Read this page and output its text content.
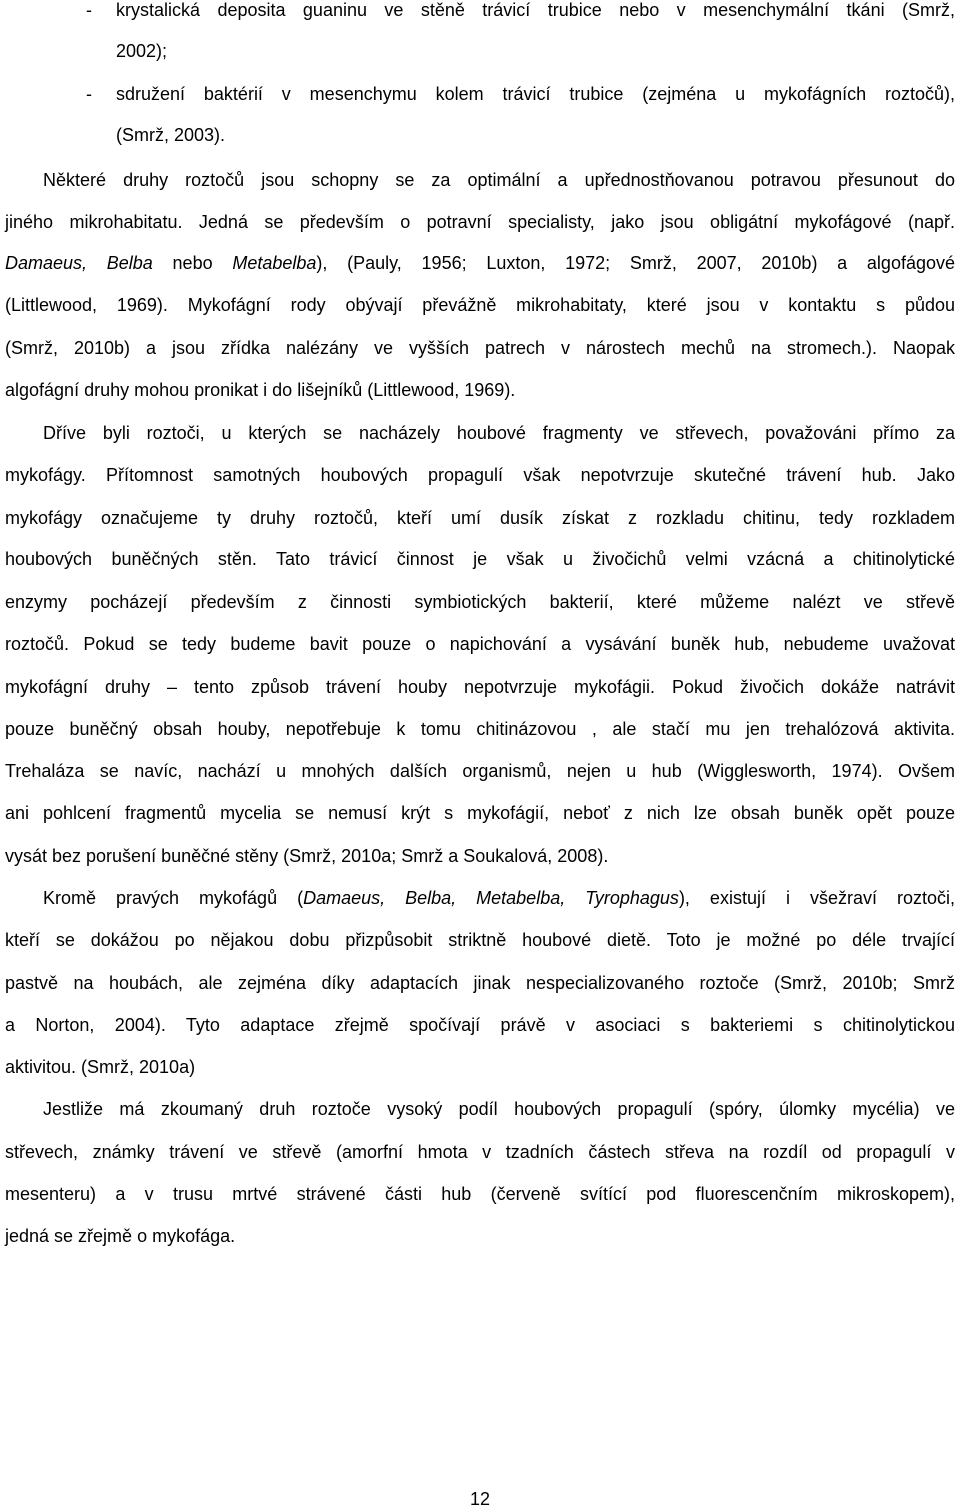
- krystalická deposita guaninu ve stěně trávicí trubice nebo v mesenchymální tkáni (Smrž,
2002);
- sdružení baktérií v mesenchymu kolem trávicí trubice (zejména u mykofágních roztočů),
(Smrž, 2003).
Některé druhy roztočů jsou schopny se za optimální a upřednostňovanou potravou přesunout do
jiného mikrohabitatu. Jedná se především o potravní specialisty, jako jsou obligátní mykofágové (např.
Damaeus, Belba nebo Metabelba), (Pauly, 1956; Luxton, 1972; Smrž, 2007, 2010b) a algofágové
(Littlewood, 1969). Mykofágní rody obývají převážně mikrohabitaty, které jsou v kontaktu s půdou
(Smrž, 2010b) a jsou zřídka nalézány ve vyšších patrech v nárostech mechů na stromech.). Naopak
algofágní druhy mohou pronikat i do lišejníků (Littlewood, 1969).
Dříve byli roztoči, u kterých se nacházely houbové fragmenty ve střevech, považováni přímo za
mykofágy. Přítomnost samotných houbových propagulí však nepotvrzuje skutečné trávení hub. Jako
mykofágy označujeme ty druhy roztočů, kteří umí dusík získat z rozkladu chitinu, tedy rozkladem
houbových buněčných stěn. Tato trávicí činnost je však u živočichů velmi vzácná a chitinolytické
enzymy pocházejí především z činnosti symbiotických bakterií, které můžeme nalézt ve střevě
roztočů. Pokud se tedy budeme bavit pouze o napichování a vysávání buněk hub, nebudeme uvažovat
mykofágní druhy – tento způsob trávení houby nepotvrzuje mykofágii. Pokud živočich dokáže natrávit
pouze buněčný obsah houby, nepotřebuje k tomu chitinázovou , ale stačí mu jen trehalózová aktivita.
Trehaláza se navíc, nachází u mnohých dalších organismů, nejen u hub (Wigglesworth, 1974). Ovšem
ani pohlcení fragmentů mycelia se nemusí krýt s mykofágií, neboť z nich lze obsah buněk opět pouze
vysát bez porušení buněčné stěny (Smrž, 2010a; Smrž a Soukalová, 2008).
Kromě pravých mykofágů (Damaeus, Belba, Metabelba, Tyrophagus), existují i všežraví roztoči,
kteří se dokážou po nějakou dobu přizpůsobit striktně houbové dietě. Toto je možné po déle trvající
pastvě na houbách, ale zejména díky adaptacích jinak nespecializovaného roztoče (Smrž, 2010b; Smrž
a Norton, 2004). Tyto adaptace zřejmě spočívají právě v asociaci s bakteriemi s chitinolytickou
aktivitou. (Smrž, 2010a)
Jestliže má zkoumaný druh roztoče vysoký podíl houbových propagulí (spóry, úlomky mycélia) ve
střevech, známky trávení ve střevě (amorfní hmota v tzadních částech střeva na rozdíl od propagulí v
mesenteru) a v trusu mrtvé strávené části hub (červeně svítící pod fluorescenčním mikroskopem),
jedná se zřejmě o mykofága.
12
